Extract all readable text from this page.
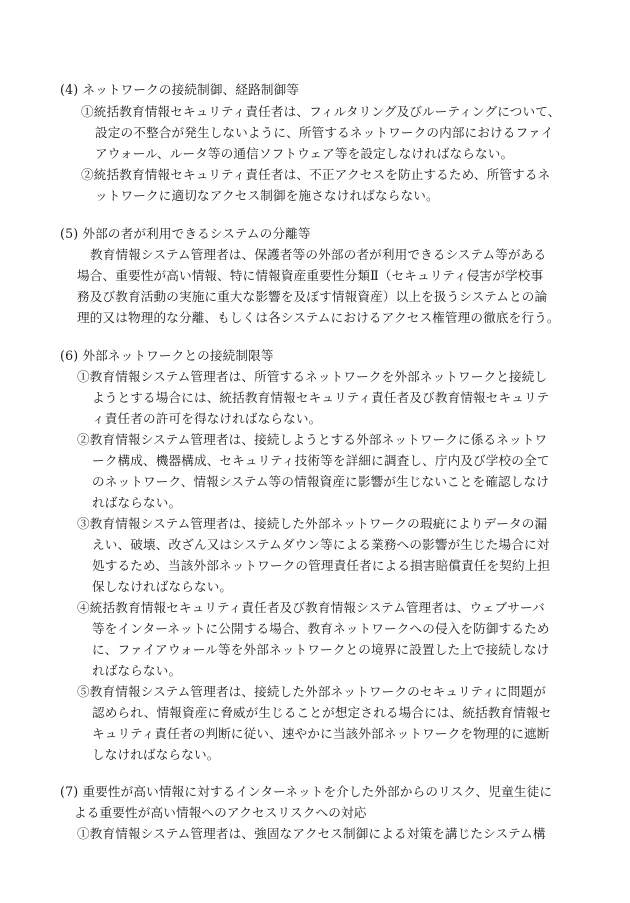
(4) ネットワークの接続制御、経路制御等
①統括教育情報セキュリティ責任者は、フィルタリング及びルーティングについて、
設定の不整合が発生しないように、所管するネットワークの内部におけるファイ
アウォール、ルータ等の通信ソフトウェア等を設定しなければならない。
②統括教育情報セキュリティ責任者は、不正アクセスを防止するため、所管するネ
ットワークに適切なアクセス制御を施さなければならない。
(5) 外部の者が利用できるシステムの分離等
教育情報システム管理者は、保護者等の外部の者が利用できるシステム等がある
場合、重要性が高い情報、特に情報資産重要性分類Ⅱ（セキュリティ侵害が学校事
務及び教育活動の実施に重大な影響を及ぼす情報資産）以上を扱うシステムとの論
理的又は物理的な分離、もしくは各システムにおけるアクセス権管理の徹底を行う。
(6) 外部ネットワークとの接続制限等
①教育情報システム管理者は、所管するネットワークを外部ネットワークと接続し
ようとする場合には、統括教育情報セキュリティ責任者及び教育情報セキュリテ
ィ責任者の許可を得なければならない。
②教育情報システム管理者は、接続しようとする外部ネットワークに係るネットワ
ーク構成、機器構成、セキュリティ技術等を詳細に調査し、庁内及び学校の全て
のネットワーク、情報システム等の情報資産に影響が生じないことを確認しなけ
ればならない。
③教育情報システム管理者は、接続した外部ネットワークの瑕疵によりデータの漏
えい、破壊、改ざん又はシステムダウン等による業務への影響が生じた場合に対
処するため、当該外部ネットワークの管理責任者による損害賠償責任を契約上担
保しなければならない。
④統括教育情報セキュリティ責任者及び教育情報システム管理者は、ウェブサーバ
等をインターネットに公開する場合、教育ネットワークへの侵入を防御するため
に、ファイアウォール等を外部ネットワークとの境界に設置した上で接続しなけ
ればならない。
⑤教育情報システム管理者は、接続した外部ネットワークのセキュリティに問題が
認められ、情報資産に脅威が生じることが想定される場合には、統括教育情報セ
キュリティ責任者の判断に従い、速やかに当該外部ネットワークを物理的に遮断
しなければならない。
(7) 重要性が高い情報に対するインターネットを介した外部からのリスク、児童生徒に
よる重要性が高い情報へのアクセスリスクへの対応
①教育情報システム管理者は、強固なアクセス制御による対策を講じたシステム構
